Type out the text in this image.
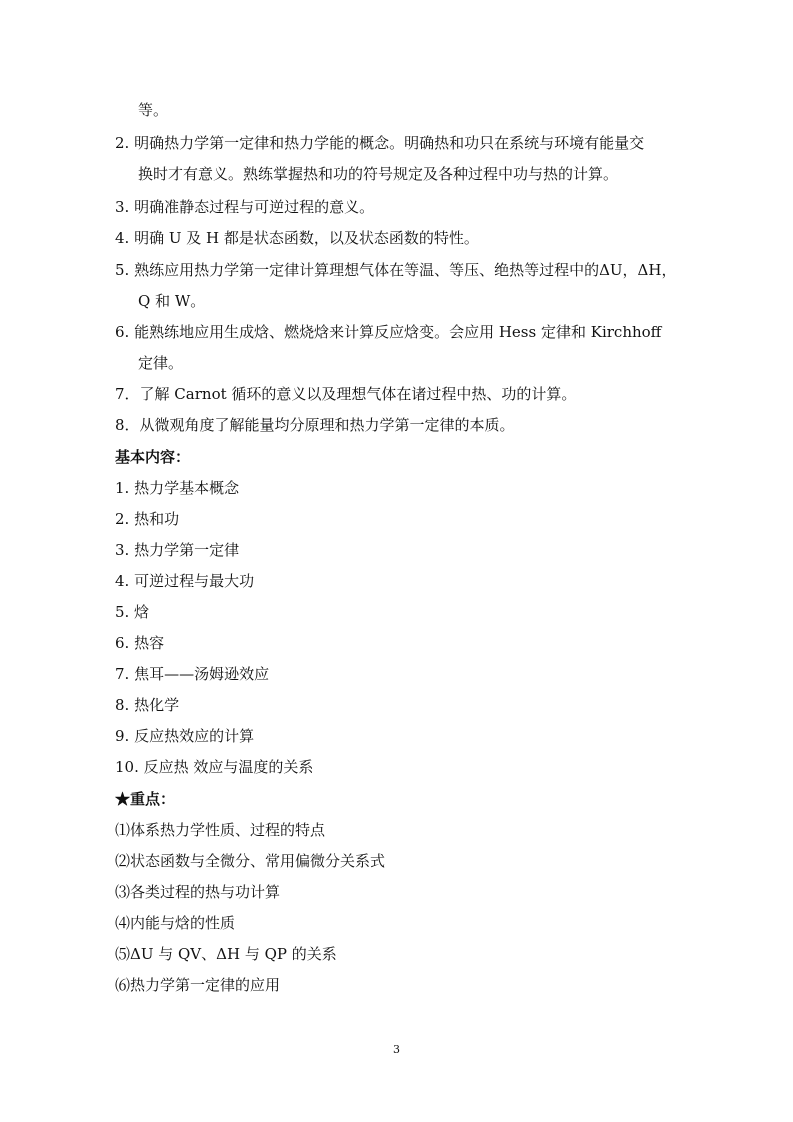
等。
2. 明确热力学第一定律和热力学能的概念。明确热和功只在系统与环境有能量交
换时才有意义。熟练掌握热和功的符号规定及各种过程中功与热的计算。
3. 明确准静态过程与可逆过程的意义。
4. 明确 U 及 H 都是状态函数，以及状态函数的特性。
5. 熟练应用热力学第一定律计算理想气体在等温、等压、绝热等过程中的ΔU，ΔH，
Q 和 W。
6. 能熟练地应用生成焓、燃烧焓来计算反应焓变。会应用 Hess 定律和 Kirchhoff
定律。
7．了解 Carnot 循环的意义以及理想气体在诸过程中热、功的计算。
8．从微观角度了解能量均分原理和热力学第一定律的本质。
基本内容：
1. 热力学基本概念
2. 热和功
3. 热力学第一定律
4. 可逆过程与最大功
5. 焓
6. 热容
7. 焦耳——汤姆逊效应
8. 热化学
9. 反应热效应的计算
10. 反应热 效应与温度的关系
★重点：
⑴体系热力学性质、过程的特点
⑵状态函数与全微分、常用偏微分关系式
⑶各类过程的热与功计算
⑷内能与焓的性质
⑸ΔU 与 QV、ΔH 与 QP 的关系
⑹热力学第一定律的应用
3
